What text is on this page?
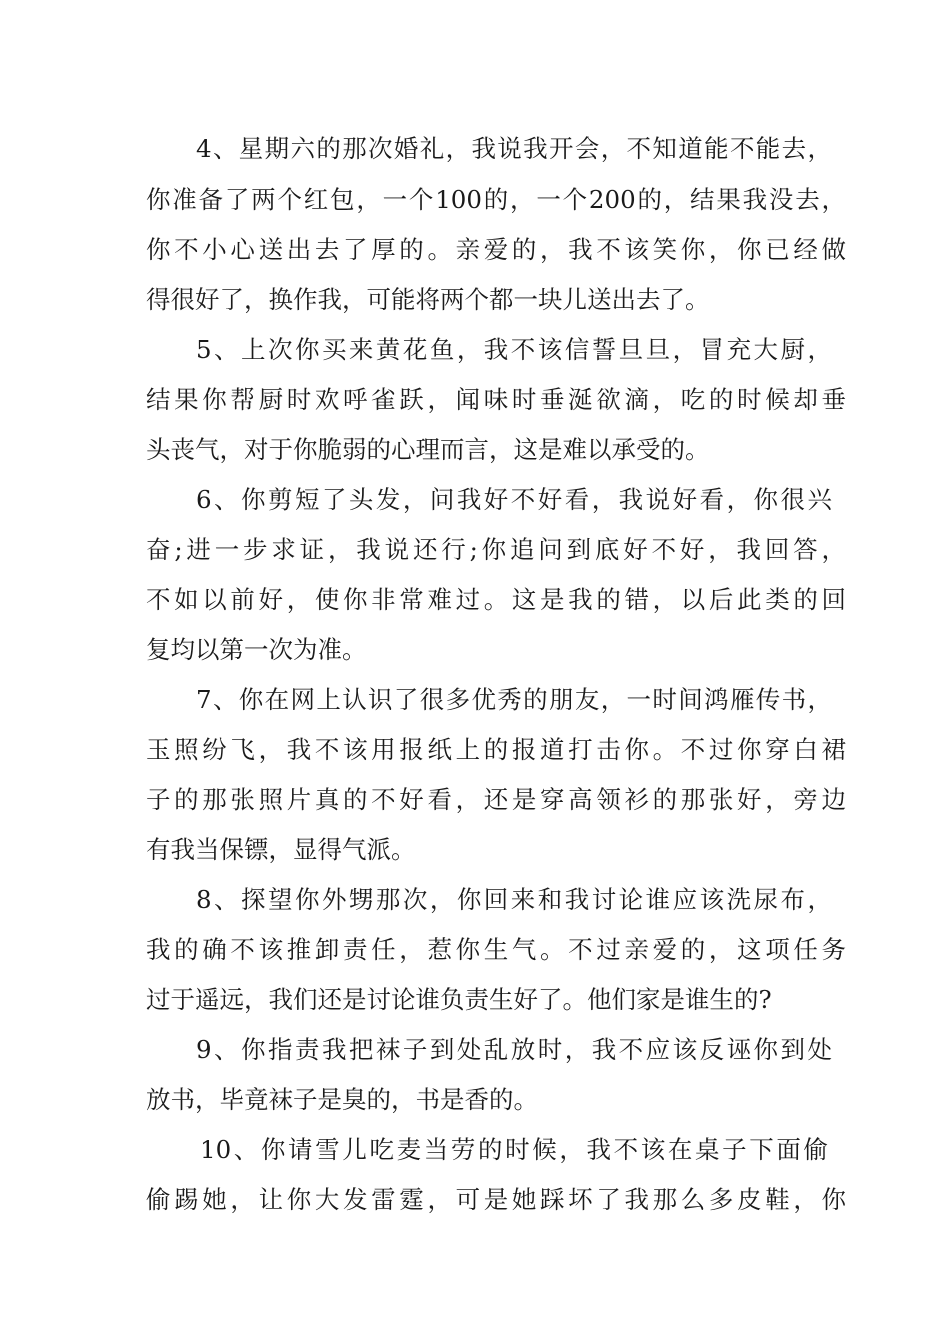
4、星期六的那次婚礼，我说我开会，不知道能不能去，
你准备了两个红包，一个100的，一个200的，结果我没去，
你不小心送出去了厚的。亲爱的，我不该笑你，你已经做
得很好了，换作我，可能将两个都一块儿送出去了。
5、上次你买来黄花鱼，我不该信誓旦旦，冒充大厨，
结果你帮厨时欢呼雀跃，闻味时垂涎欲滴，吃的时候却垂
头丧气，对于你脆弱的心理而言，这是难以承受的。
6、你剪短了头发，问我好不好看，我说好看，你很兴
奋;进一步求证，我说还行;你追问到底好不好，我回答，
不如以前好，使你非常难过。这是我的错，以后此类的回
复均以第一次为准。
7、你在网上认识了很多优秀的朋友，一时间鸿雁传书，
玉照纷飞，我不该用报纸上的报道打击你。不过你穿白裙
子的那张照片真的不好看，还是穿高领衫的那张好，旁边
有我当保镖，显得气派。
8、探望你外甥那次，你回来和我讨论谁应该洗尿布，
我的确不该推卸责任，惹你生气。不过亲爱的，这项任务
过于遥远，我们还是讨论谁负责生好了。他们家是谁生的?
9、你指责我把袜子到处乱放时，我不应该反诬你到处
放书，毕竟袜子是臭的，书是香的。
10、你请雪儿吃麦当劳的时候，我不该在桌子下面偷
偷踢她，让你大发雷霆，可是她踩坏了我那么多皮鞋，你
